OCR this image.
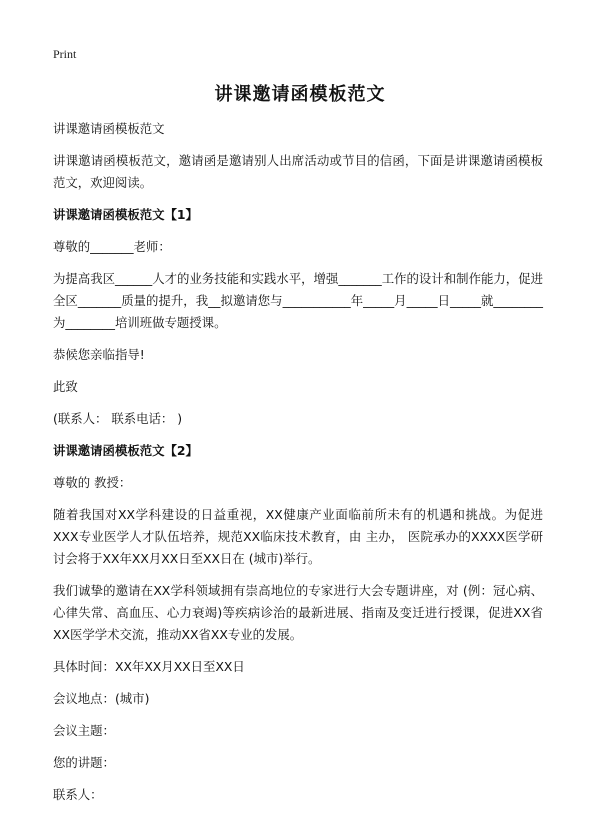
Print
讲课邀请函模板范文

讲课邀请函模板范文

讲课邀请函模板范文，邀请函是邀请别人出席活动或节目的信函，下面是讲课邀请函模板范文，欢迎阅读。

讲课邀请函模板范文【1】

尊敬的_______老师：

为提高我区______人才的业务技能和实践水平，增强_______工作的设计和制作能力，促进全区_______质量的提升，我__拟邀请您与___________年_____月_____日_____就________为________培训班做专题授课。

恭候您亲临指导!

此致

(联系人： 联系电话： )

讲课邀请函模板范文【2】

尊敬的 教授：

随着我国对XX学科建设的日益重视，XX健康产业面临前所未有的机遇和挑战。为促进XXX专业医学人才队伍培养，规范XX临床技术教育，由 主办， 医院承办的XXXX医学研讨会将于XX年XX月XX日至XX日在 (城市)举行。

我们诚挚的邀请在XX学科领域拥有崇高地位的专家进行大会专题讲座，对 (例：冠心病、心律失常、高血压、心力衰竭)等疾病诊治的最新进展、指南及变迁进行授课，促进XX省XX医学学术交流，推动XX省XX专业的发展。

具体时间：XX年XX月XX日至XX日

会议地点：(城市)

会议主题：

您的讲题：

联系人：
